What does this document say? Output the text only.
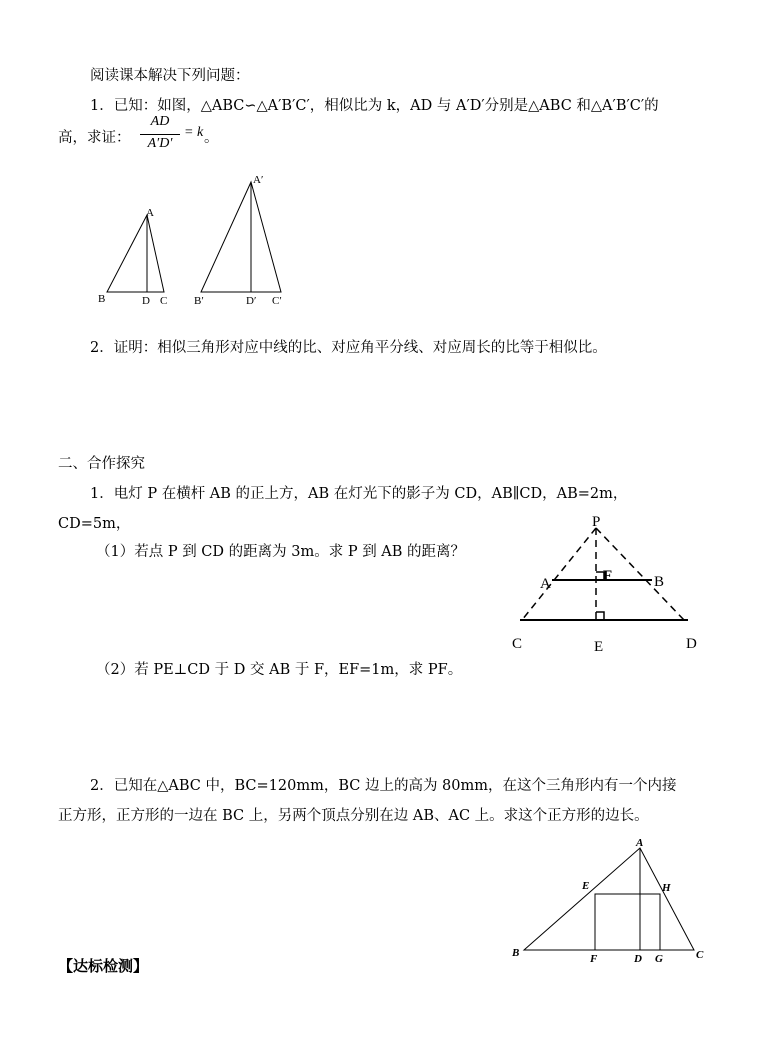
阅读课本解决下列问题：
1．已知：如图，△ABC∽△A′B′C′，相似比为 k，AD 与 A′D′分别是△ABC 和△A′B′C′的
高，求证：
AD
A′D′
= k 。
A
B	D C
A′
B′	D′ C′
2．证明：相似三角形对应中线的比、对应角平分线、对应周长的比等于相似比。
二、合作探究
1．电灯 P 在横杆 AB 的正上方，AB 在灯光下的影子为 CD，AB∥CD，AB=2m，
CD=5m，
（1）若点 P 到 CD 的距离为 3m。求 P 到 AB 的距离？
（2）若 PE⊥CD 于 D 交 AB 于 F，EF=1m，求 PF。
P
A	F	B
C	E	D
2．已知在△ABC 中，BC=120mm，BC 边上的高为 80mm，在这个三角形内有一个内接
正方形，正方形的一边在 BC 上，另两个顶点分别在边 AB、AC 上。求这个正方形的边长。
A
E	H
B	F	D G	C
【达标检测】
